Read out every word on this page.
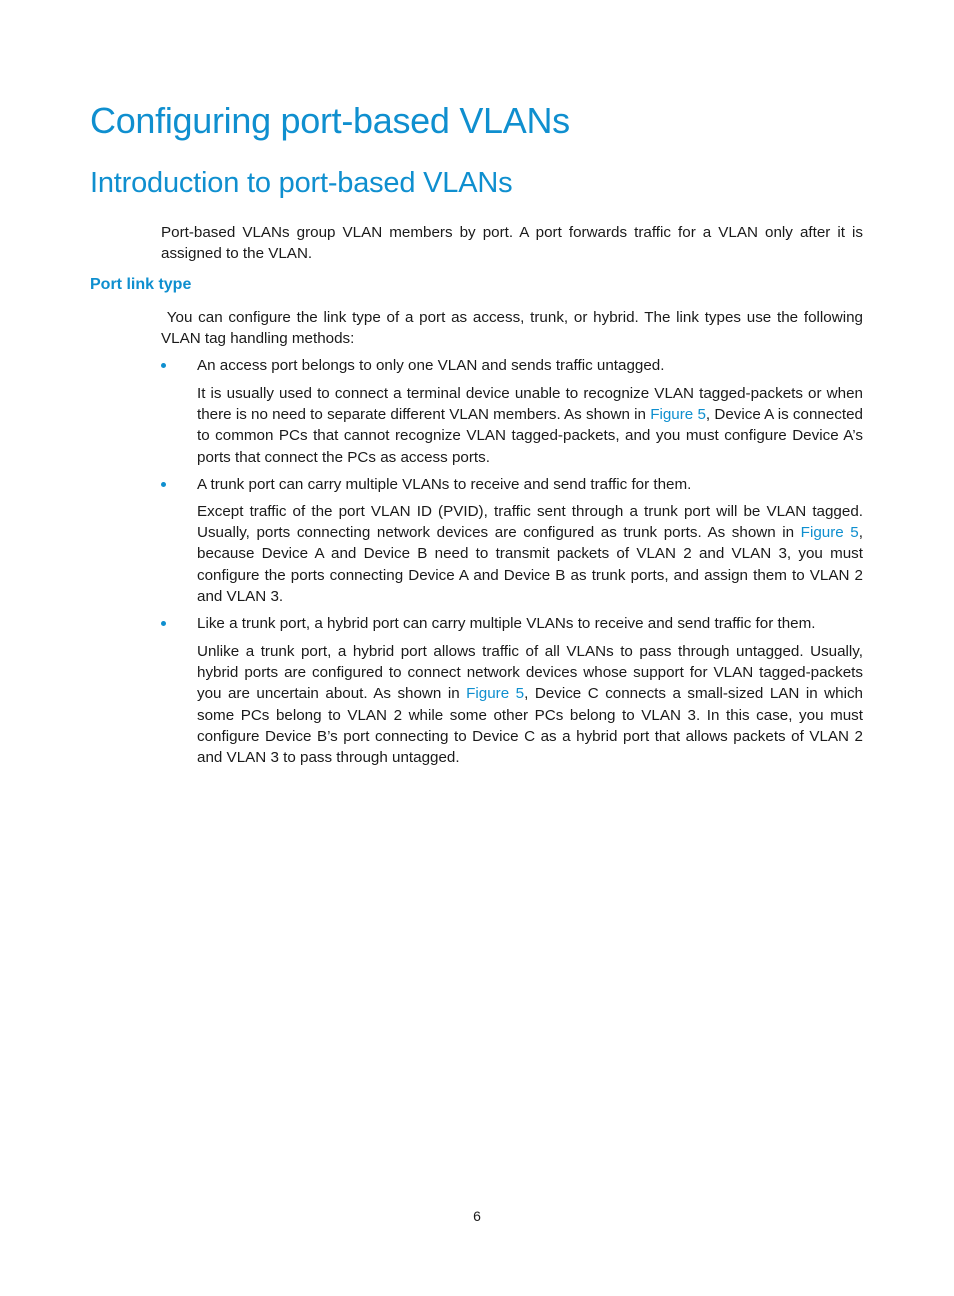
Configuring port-based VLANs
Introduction to port-based VLANs

Port-based VLANs group VLAN members by port. A port forwards traffic for a VLAN only after it is assigned to the VLAN.

Port link type

You can configure the link type of a port as access, trunk, or hybrid. The link types use the following VLAN tag handling methods:

An access port belongs to only one VLAN and sends traffic untagged.

It is usually used to connect a terminal device unable to recognize VLAN tagged-packets or when there is no need to separate different VLAN members. As shown in Figure 5, Device A is connected to common PCs that cannot recognize VLAN tagged-packets, and you must configure Device A’s ports that connect the PCs as access ports.

A trunk port can carry multiple VLANs to receive and send traffic for them.

Except traffic of the port VLAN ID (PVID), traffic sent through a trunk port will be VLAN tagged. Usually, ports connecting network devices are configured as trunk ports. As shown in Figure 5, because Device A and Device B need to transmit packets of VLAN 2 and VLAN 3, you must configure the ports connecting Device A and Device B as trunk ports, and assign them to VLAN 2 and VLAN 3.

Like a trunk port, a hybrid port can carry multiple VLANs to receive and send traffic for them.

Unlike a trunk port, a hybrid port allows traffic of all VLANs to pass through untagged. Usually, hybrid ports are configured to connect network devices whose support for VLAN tagged-packets you are uncertain about. As shown in Figure 5, Device C connects a small-sized LAN in which some PCs belong to VLAN 2 while some other PCs belong to VLAN 3. In this case, you must configure Device B’s port connecting to Device C as a hybrid port that allows packets of VLAN 2 and VLAN 3 to pass through untagged.

6
